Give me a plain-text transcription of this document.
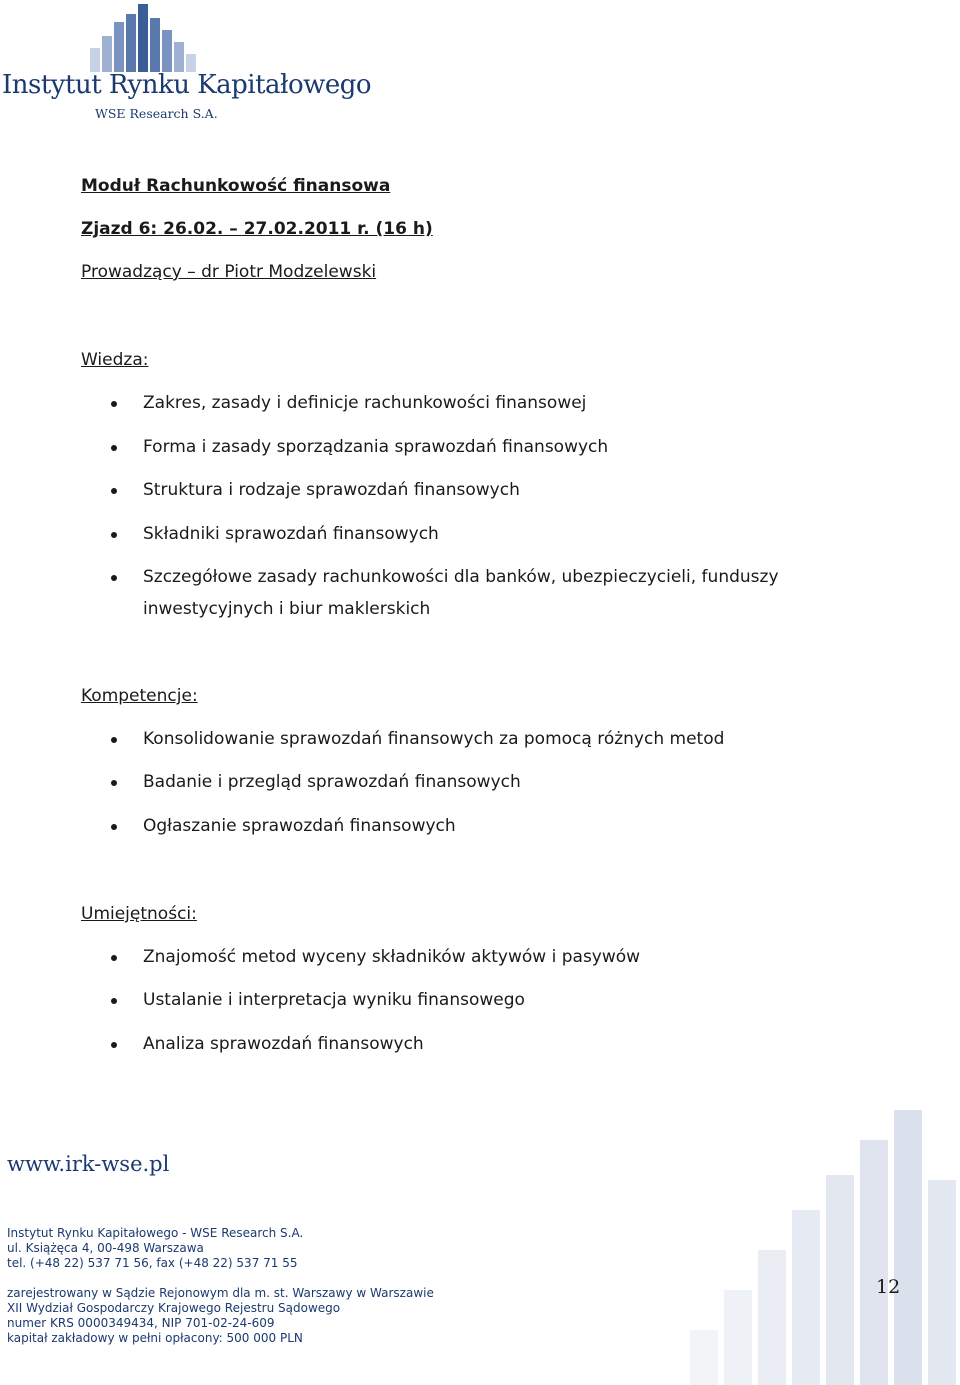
Instytut Rynku Kapitałowego
WSE Research S.A.
Moduł Rachunkowość finansowa
Zjazd 6: 26.02. – 27.02.2011 r. (16 h)
Prowadzący – dr Piotr Modzelewski
Wiedza:
Zakres, zasady i definicje rachunkowości finansowej
Forma i zasady sporządzania sprawozdań finansowych
Struktura i rodzaje sprawozdań finansowych
Składniki sprawozdań finansowych
Szczegółowe zasady rachunkowości dla banków, ubezpieczycieli, funduszy
inwestycyjnych i biur maklerskich
Kompetencje:
Konsolidowanie sprawozdań finansowych za pomocą różnych metod
Badanie i przegląd sprawozdań finansowych
Ogłaszanie sprawozdań finansowych
Umiejętności:
Znajomość metod wyceny składników aktywów i pasywów
Ustalanie i interpretacja wyniku finansowego
Analiza sprawozdań finansowych
www.irk-wse.pl
Instytut Rynku Kapitałowego - WSE Research S.A.
ul. Książęca 4, 00-498 Warszawa
tel. (+48 22) 537 71 56, fax (+48 22) 537 71 55
zarejestrowany w Sądzie Rejonowym dla m. st. Warszawy w Warszawie
XII Wydział Gospodarczy Krajowego Rejestru Sądowego
numer KRS 0000349434, NIP 701-02-24-609
kapitał zakładowy w pełni opłacony: 500 000 PLN
12
